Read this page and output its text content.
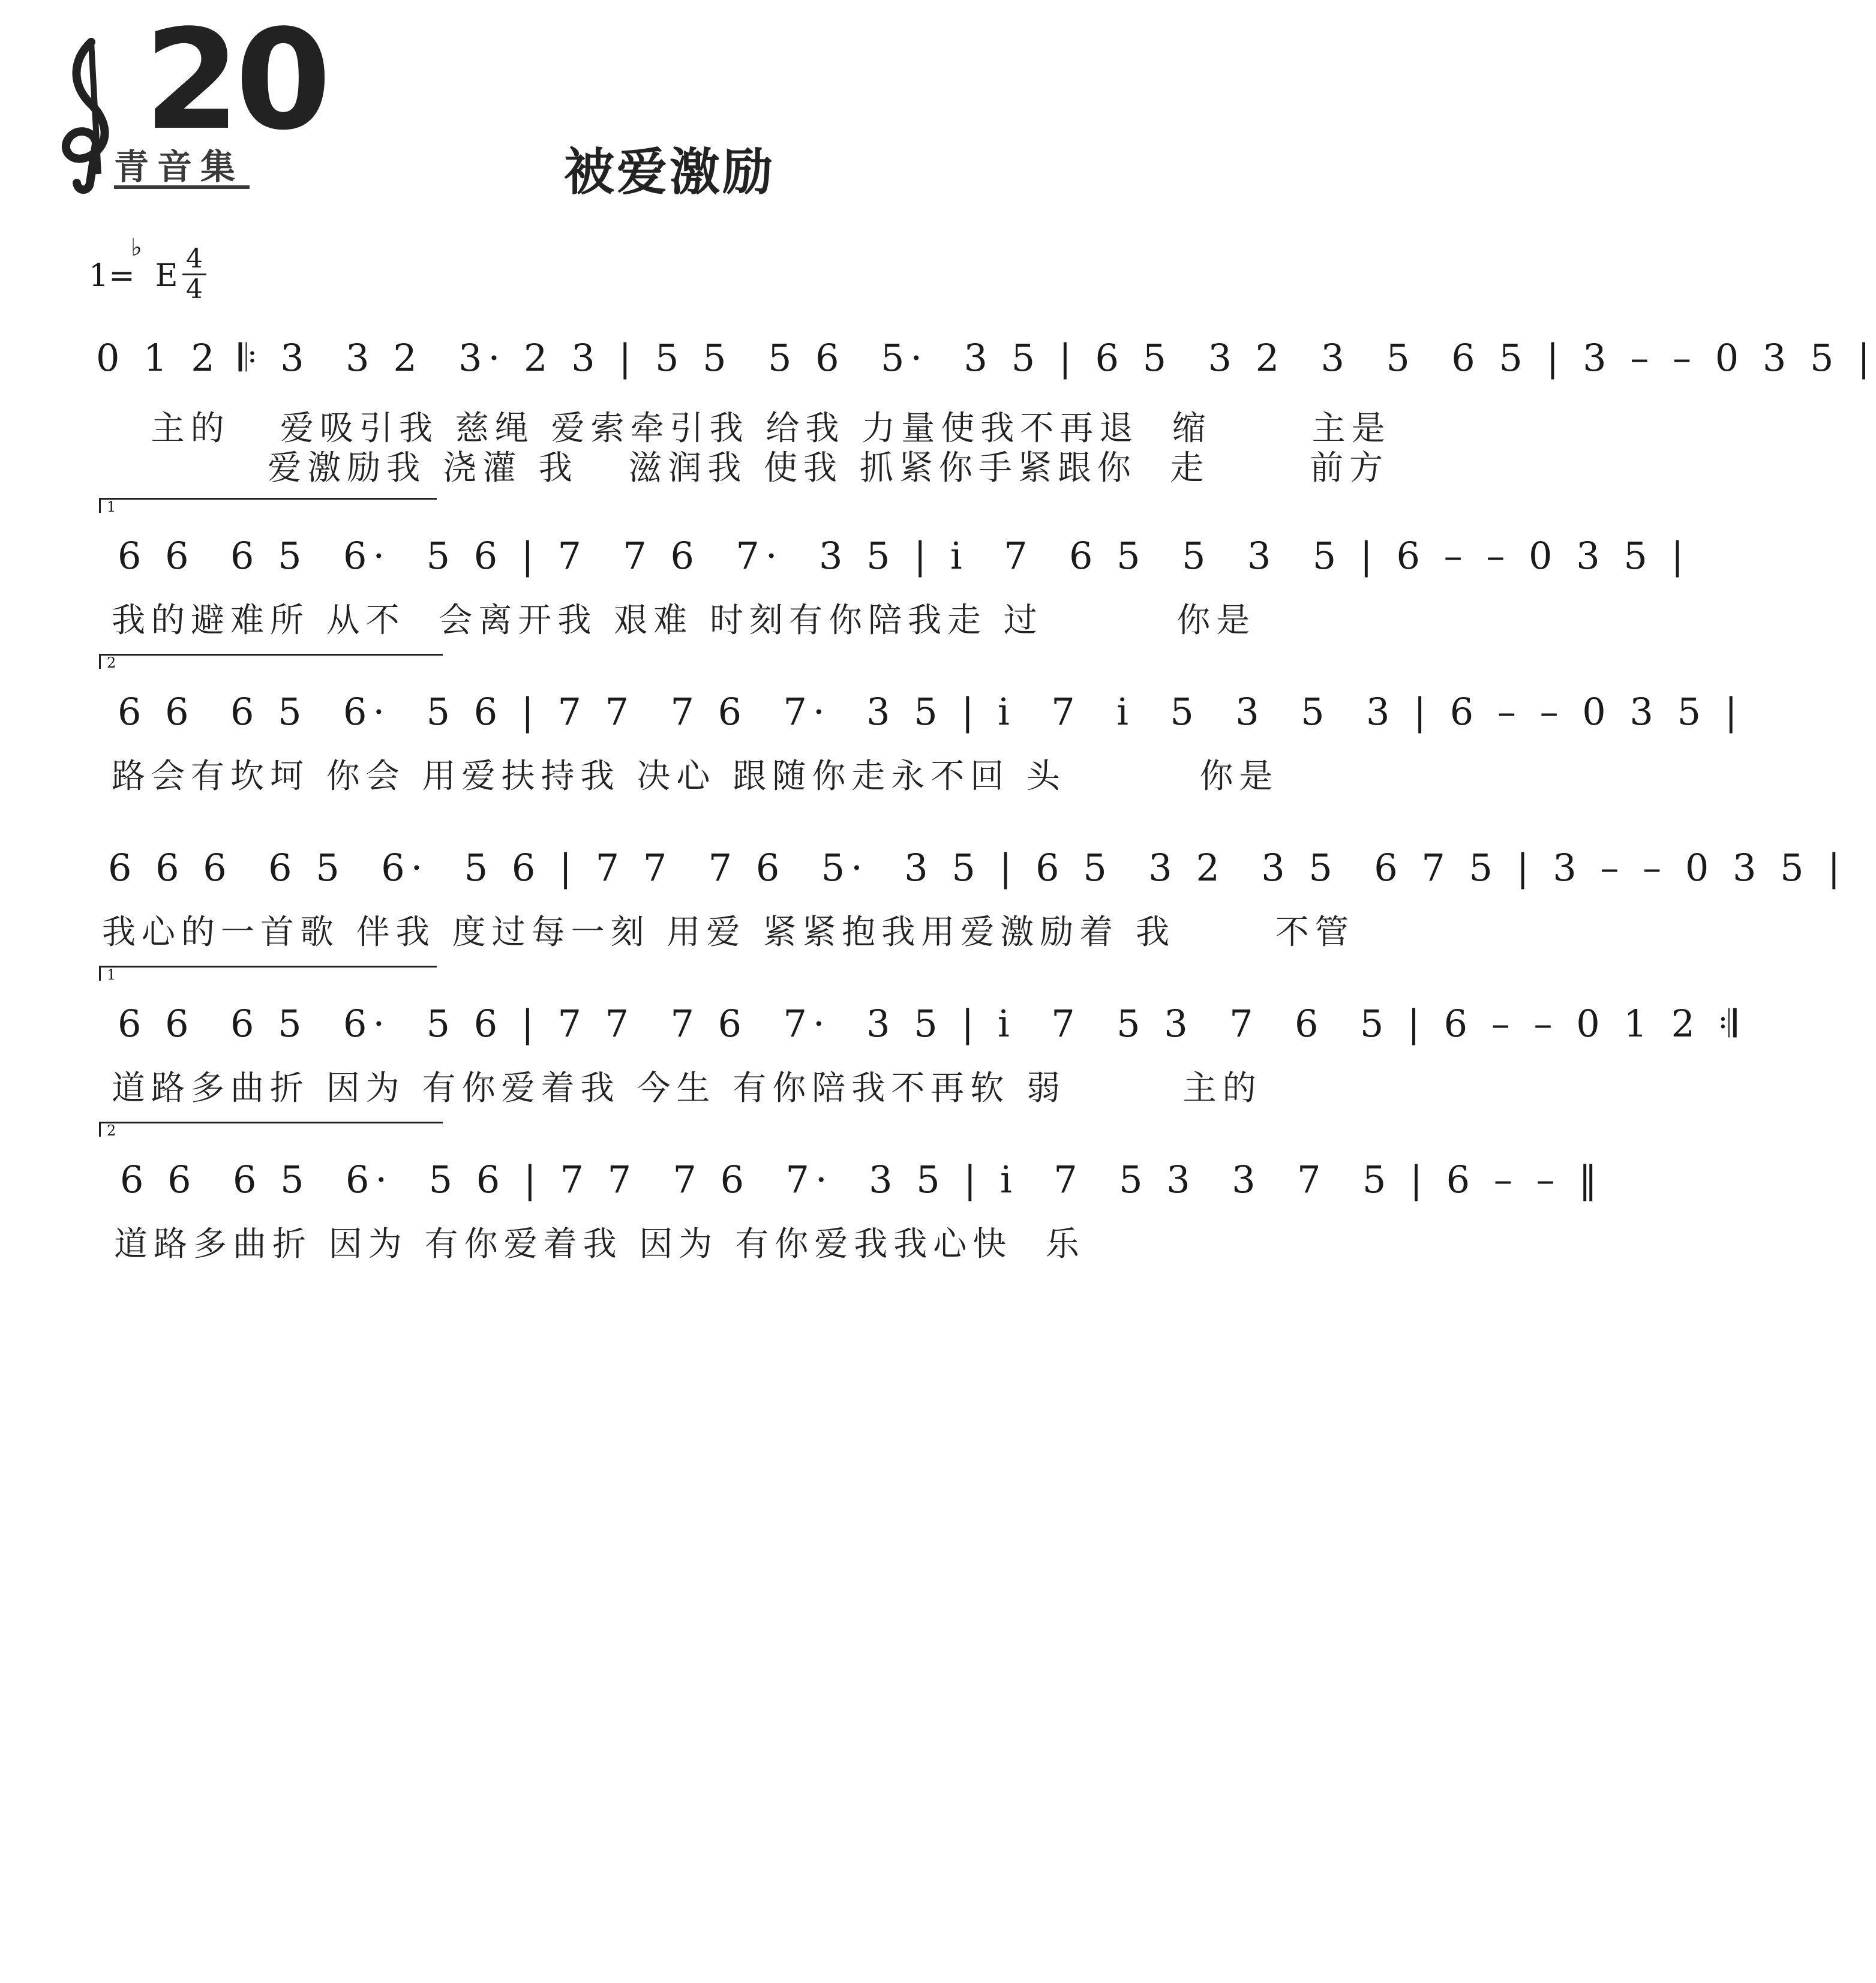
20
青音集	被爱激励
1=
♭
E 4
4
0 1 2 𝄆 3  3 2  3· 2 3 | 5 5  5 6  5·  3 5 | 6 5  3 2  3  5  6 5 | 3 – – 0 3 5 |
主的   爱吸引我 慈绳 爱索牵引我 给我 力量使我不再退  缩      主是
爱激励我 浇灌 我   滋润我 使我 抓紧你手紧跟你  走      前方
1
6 6  6 5  6·  5 6 | 7  7 6  7·  3 5 | i  7  6 5  5  3  5 | 6 – – 0 3 5 |
我的避难所 从不  会离开我 艰难 时刻有你陪我走 过        你是
2
6 6  6 5  6·  5 6 | 7 7  7 6  7·  3 5 | i  7  i  5  3  5  3 | 6 – – 0 3 5 |
路会有坎坷 你会 用爱扶持我 决心 跟随你走永不回 头        你是
6 6 6  6 5  6·  5 6 | 7 7  7 6  5·  3 5 | 6 5  3 2  3 5  6 7 5 | 3 – – 0 3 5 |
我心的一首歌 伴我 度过每一刻 用爱 紧紧抱我用爱激励着 我      不管
1
6 6  6 5  6·  5 6 | 7 7  7 6  7·  3 5 | i  7  5 3  7  6  5 | 6 – – 0 1 2 𝄇
道路多曲折 因为 有你爱着我 今生 有你陪我不再软 弱       主的
2
6 6  6 5  6·  5 6 | 7 7  7 6  7·  3 5 | i  7  5 3  3  7  5 | 6 – – ‖
道路多曲折 因为 有你爱着我 因为 有你爱我我心快  乐
